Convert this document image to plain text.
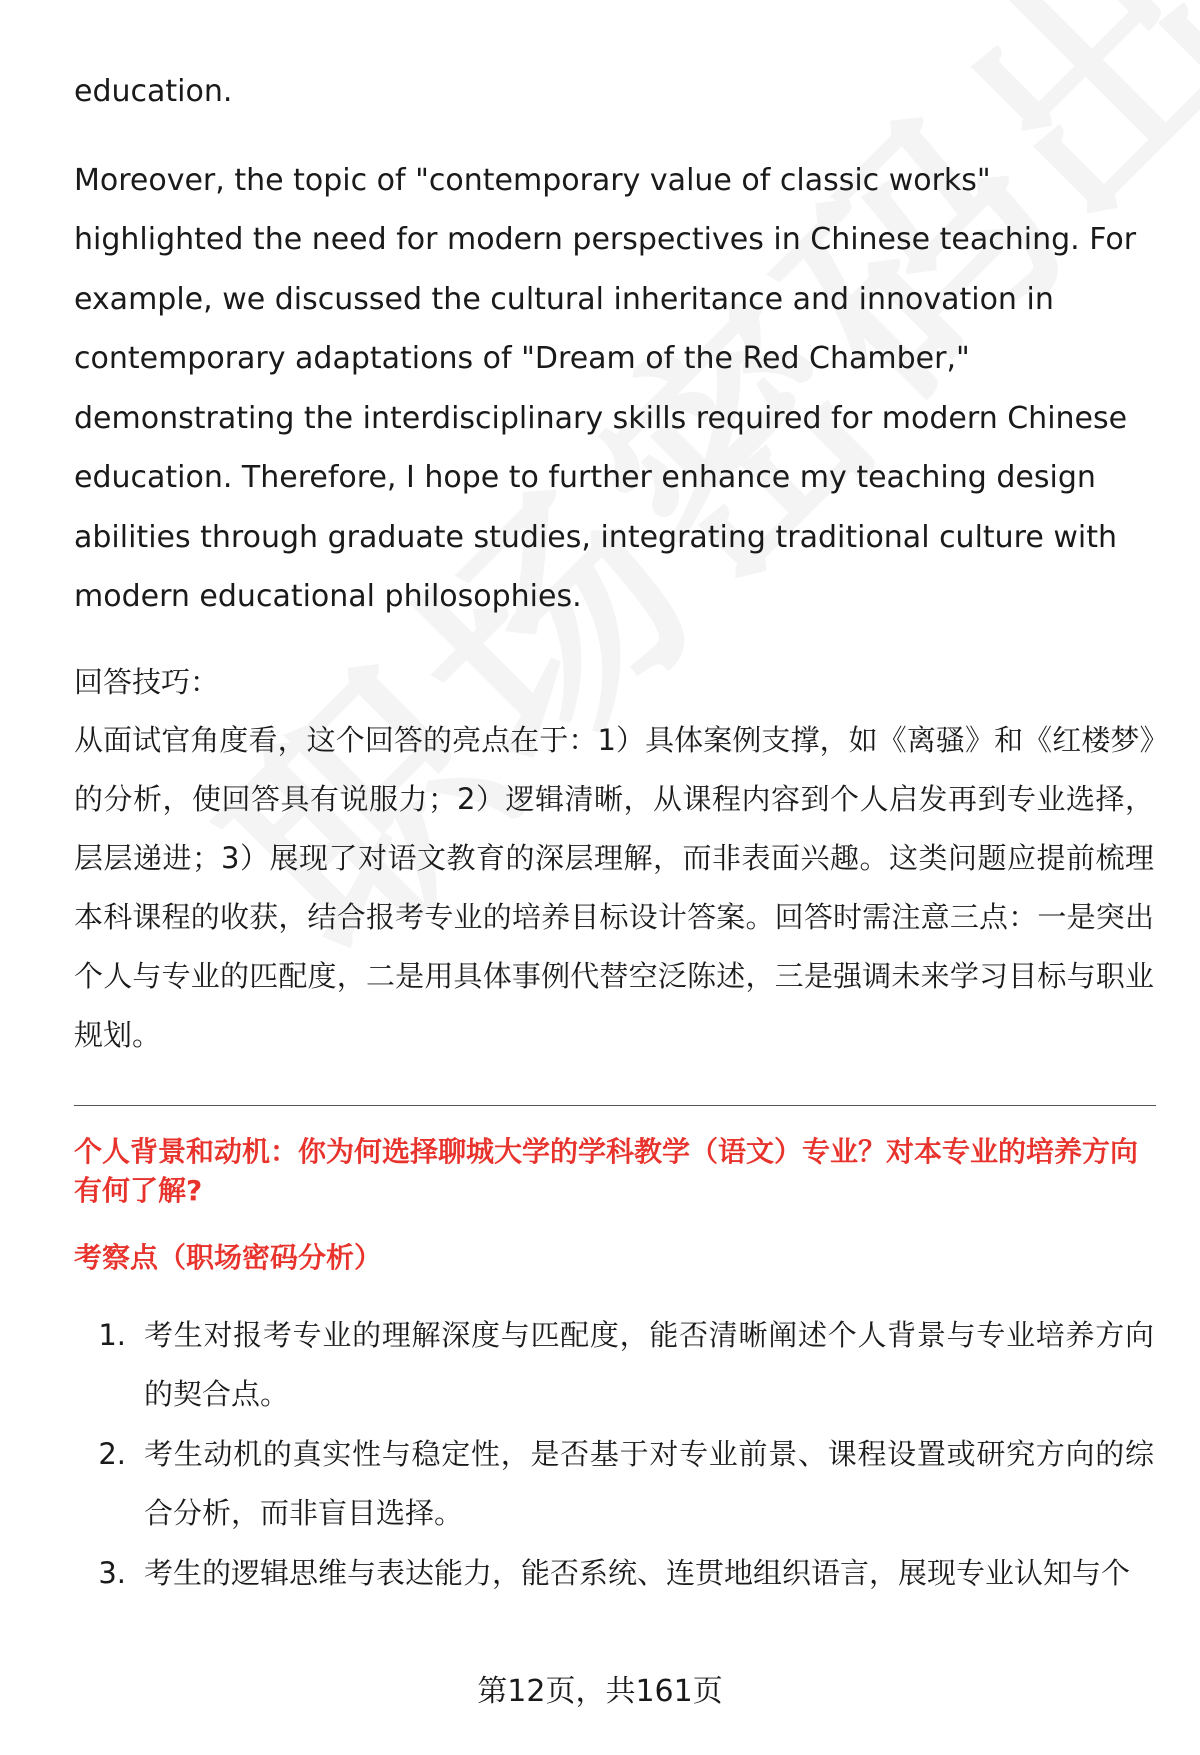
education.

Moreover, the topic of "contemporary value of classic works" highlighted the need for modern perspectives in Chinese teaching. For example, we discussed the cultural inheritance and innovation in contemporary adaptations of "Dream of the Red Chamber," demonstrating the interdisciplinary skills required for modern Chinese education. Therefore, I hope to further enhance my teaching design abilities through graduate studies, integrating traditional culture with modern educational philosophies.

回答技巧：

从面试官角度看，这个回答的亮点在于：1）具体案例支撑，如《离骚》和《红楼梦》的分析，使回答具有说服力；2）逻辑清晰，从课程内容到个人启发再到专业选择，层层递进；3）展现了对语文教育的深层理解，而非表面兴趣。这类问题应提前梳理本科课程的收获，结合报考专业的培养目标设计答案。回答时需注意三点：一是突出个人与专业的匹配度，二是用具体事例代替空泛陈述，三是强调未来学习目标与职业规划。

个人背景和动机：你为何选择聊城大学的学科教学（语文）专业？对本专业的培养方向有何了解?

考察点（职场密码分析）

1. 考生对报考专业的理解深度与匹配度，能否清晰阐述个人背景与专业培养方向的契合点。
2. 考生动机的真实性与稳定性，是否基于对专业前景、课程设置或研究方向的综合分析，而非盲目选择。
3. 考生的逻辑思维与表达能力，能否系统、连贯地组织语言，展现专业认知与个
第12页，共161页
